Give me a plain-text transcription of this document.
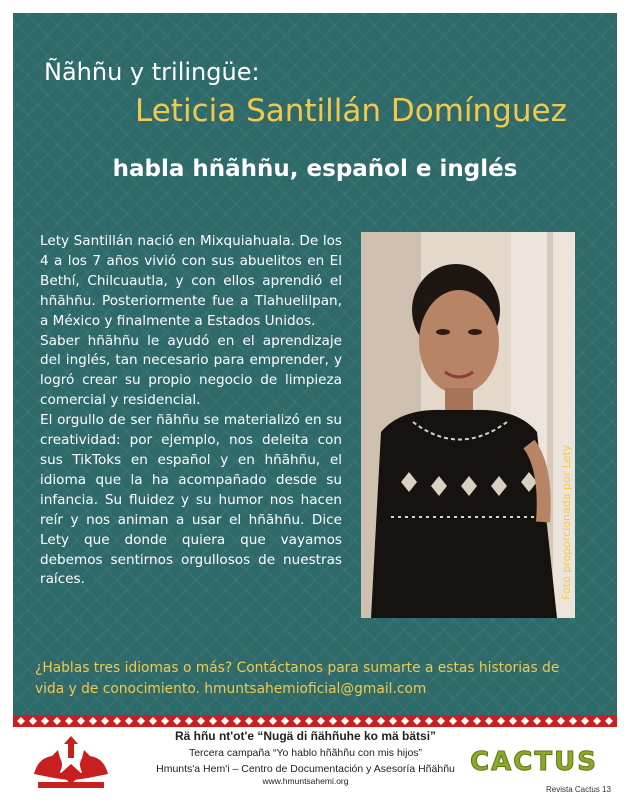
Ñãhñu y trilingüe:
Leticia Santillán Domínguez
habla hñãhñu, español e inglés

Lety Santillán nació en Mixquiahuala. De los 4 a los 7 años vivió con sus abuelitos en El Bethí, Chilcuautla, y con ellos aprendió el hñãhñu. Posteriormente fue a Tlahuelilpan, a México y finalmente a Estados Unidos.

Saber hñãhñu le ayudó en el aprendizaje del inglés, tan necesario para emprender, y logró crear su propio negocio de limpieza comercial y residencial.

El orgullo de ser ñãhñu se materializó en su creatividad: por ejemplo, nos deleita con sus TikToks en español y en hñãhñu, el idioma que la ha acompañado desde su infancia. Su fluidez y su humor nos hacen reír y nos animan a usar el hñãhñu. Dice Lety que donde quiera que vayamos debemos sentirnos orgullosos de nuestras raíces.	Foto proporcionada por Lety

¿Hablas tres idiomas o más? Contáctanos para sumarte a estas historias de

vida y de conocimiento. hmuntsahemioficial@gmail.com

Rä hñu nt'ot'e “Nugä di ñähñuhe ko mä bätsi”
Tercera campaña “Yo hablo hñãhñu con mis hijos”
Hmunts'a Hem'i – Centro de Documentación y Asesoría Hñähñu
www.hmuntsahemi.org
CACTUS
Revista Cactus 13
